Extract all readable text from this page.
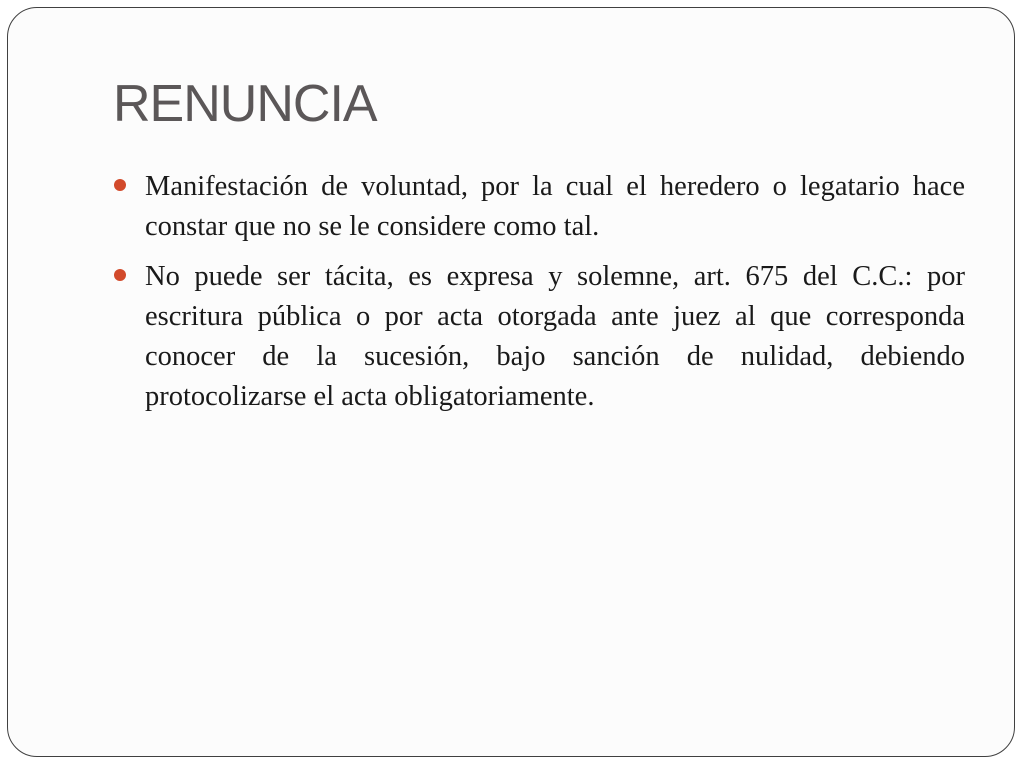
RENUNCIA
Manifestación de voluntad, por la cual el heredero o legatario hace constar que no se le considere como tal.
No puede ser tácita, es expresa y solemne, art. 675 del C.C.: por escritura pública o por acta otorgada ante juez al que corresponda conocer de la sucesión, bajo sanción de nulidad, debiendo protocolizarse el acta obligatoriamente.
